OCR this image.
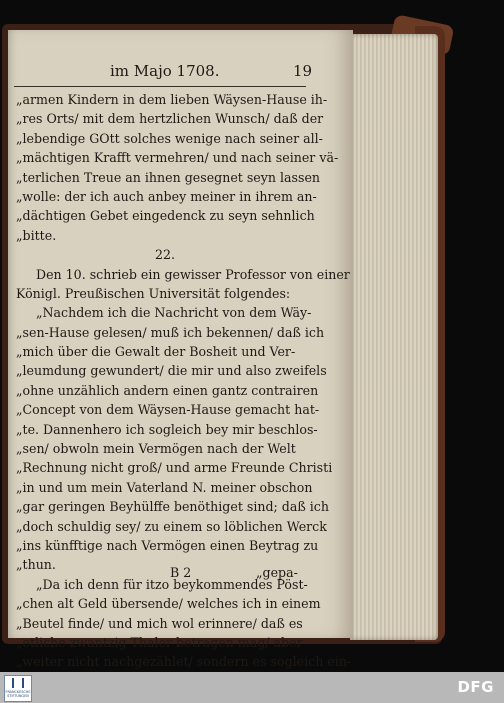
im Majo 1708.	19
„armen Kindern in dem lieben Wäysen-Hause ih-
„res Orts/ mit dem hertzlichen Wunsch/ daß der
„lebendige GOtt solches wenige nach seiner all-
„mächtigen Krafft vermehren/ und nach seiner vä-
„terlichen Treue an ihnen gesegnet seyn lassen
„wolle: der ich auch anbey meiner in ihrem an-
„dächtigen Gebet eingedenck zu seyn sehnlich
„bitte.
22.
Den 10. schrieb ein gewisser Professor von einer
Königl. Preußischen Universität folgendes:
„Nachdem ich die Nachricht von dem Wäy-
„sen-Hause gelesen/ muß ich bekennen/ daß ich
„mich über die Gewalt der Bosheit und Ver-
„leumdung gewundert/ die mir und also zweifels
„ohne unzählich andern einen gantz contrairen
„Concept von dem Wäysen-Hause gemacht hat-
„te. Dannenhero ich sogleich bey mir beschlos-
„sen/ obwoln mein Vermögen nach der Welt
„Rechnung nicht groß/ und arme Freunde Christi
„in und um mein Vaterland N. meiner obschon
„gar geringen Beyhülffe benöthiget sind; daß ich
„doch schuldig sey/ zu einem so löblichen Werck
„ins künfftige nach Vermögen einen Beytrag zu
„thun.
„Da ich denn für itzo beykommendes Pöst-
„chen alt Geld übersende/ welches ich in einem
„Beutel finde/ und mich wol erinnere/ daß es
„etliche zwantzig Thaler betragen mag/ aber
„weiter nicht nachgezählet/ sondern es sogleich ein-
B 2	„gepa-
FRANCKESCHE STIFTUNGEN	DFG
